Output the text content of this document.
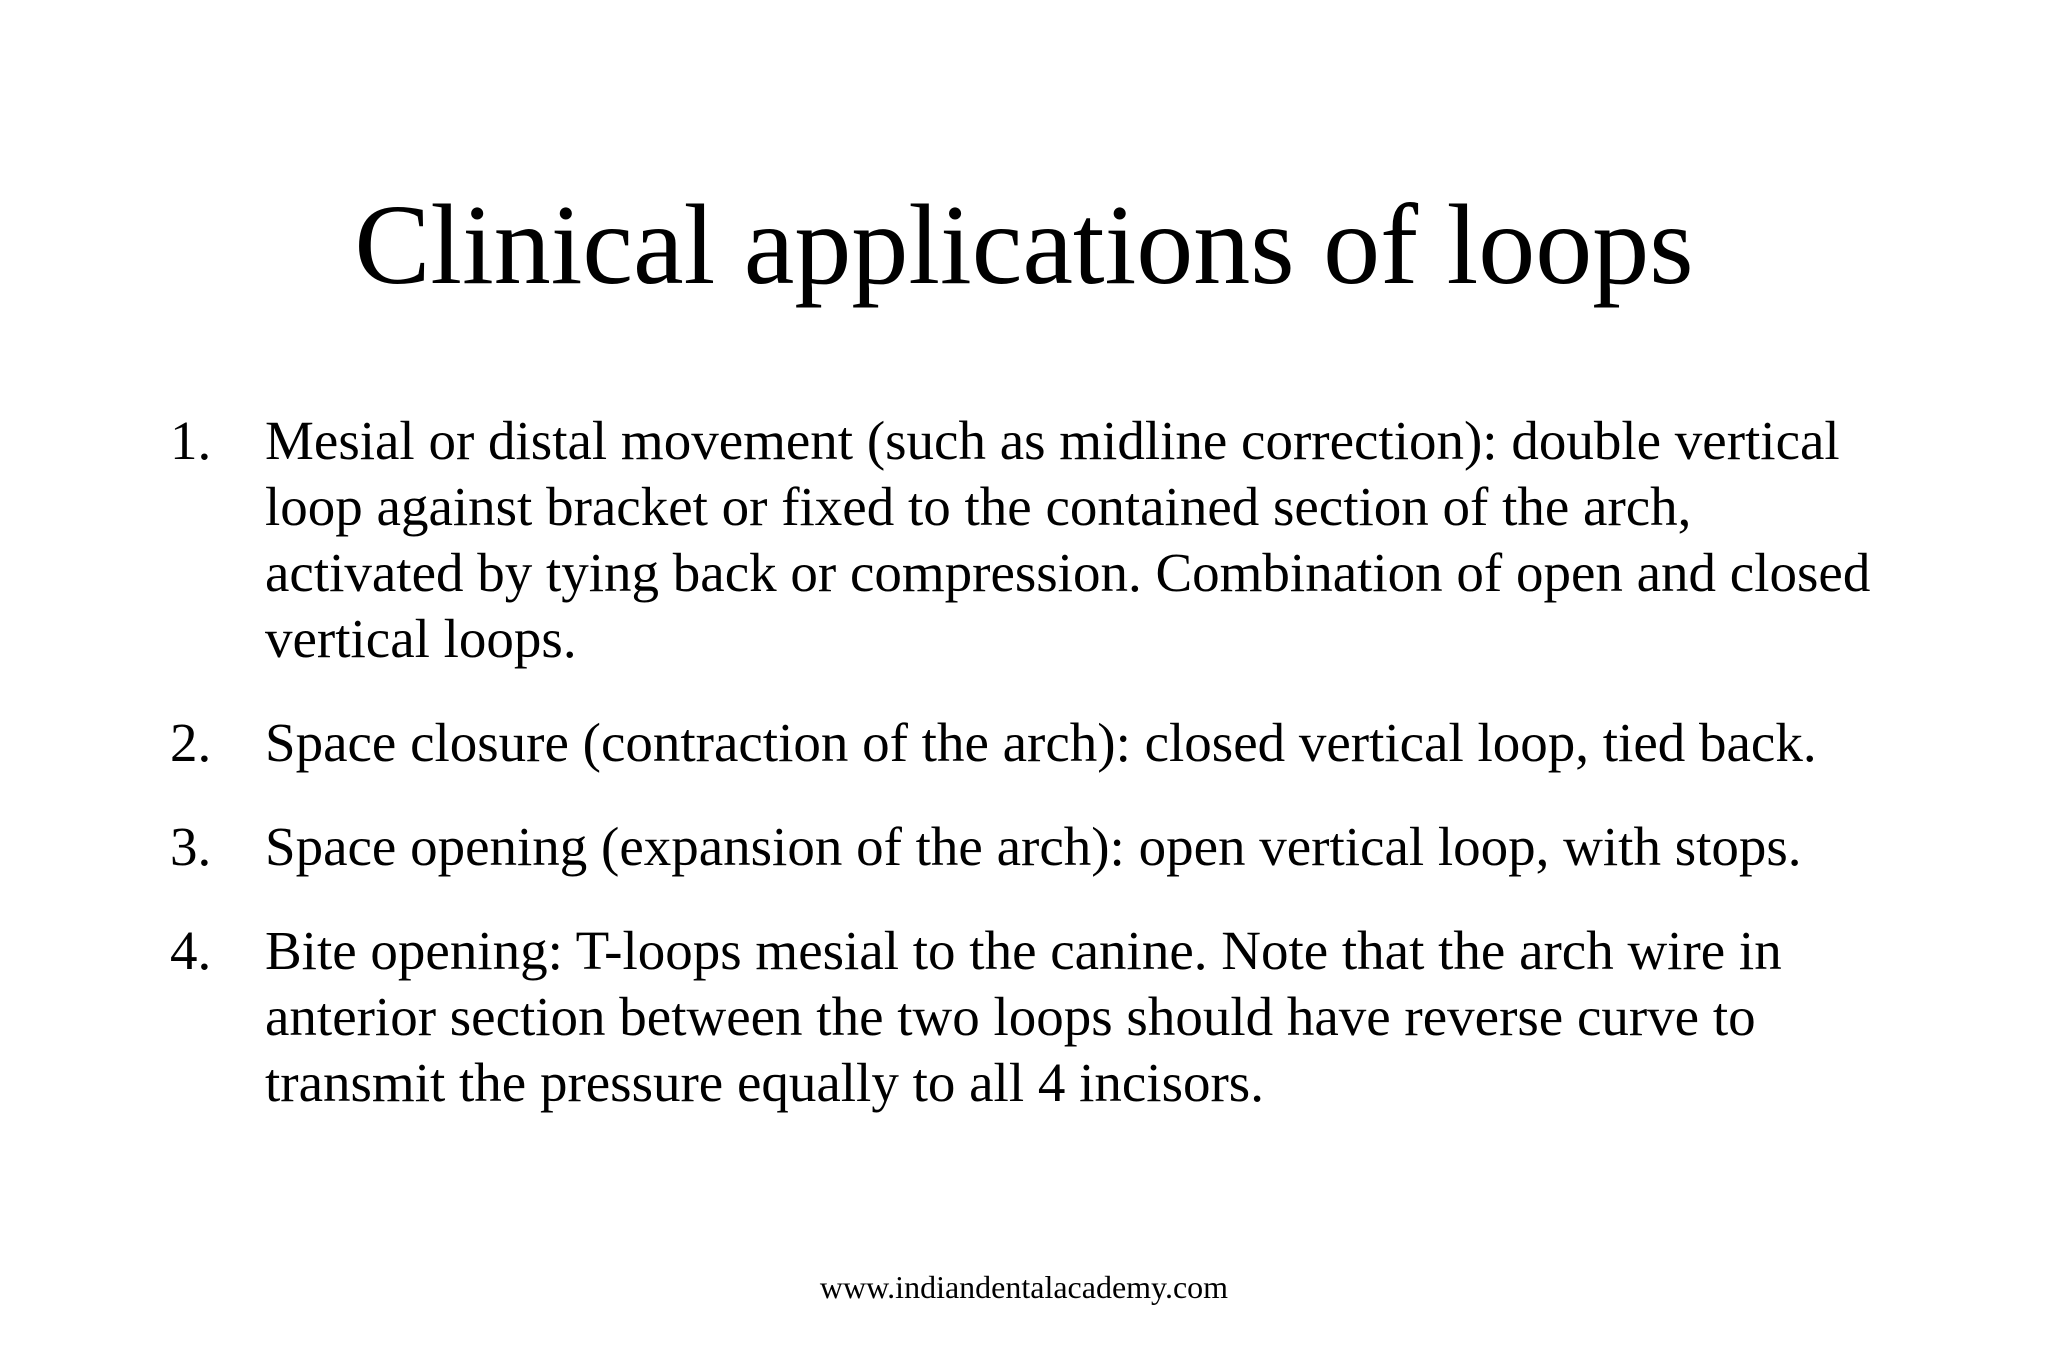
Clinical applications of loops
1. Mesial or distal movement (such as midline correction): double vertical loop against bracket or fixed to the contained section of the arch, activated by tying back or compression. Combination of open and closed vertical loops.
2. Space closure (contraction of the arch): closed vertical loop, tied back.
3. Space opening (expansion of the arch): open vertical loop, with stops.
4. Bite opening: T-loops mesial to the canine. Note that the arch wire in anterior section between the two loops should have reverse curve to transmit the pressure equally to all 4 incisors.
www.indiandentalacademy.com
